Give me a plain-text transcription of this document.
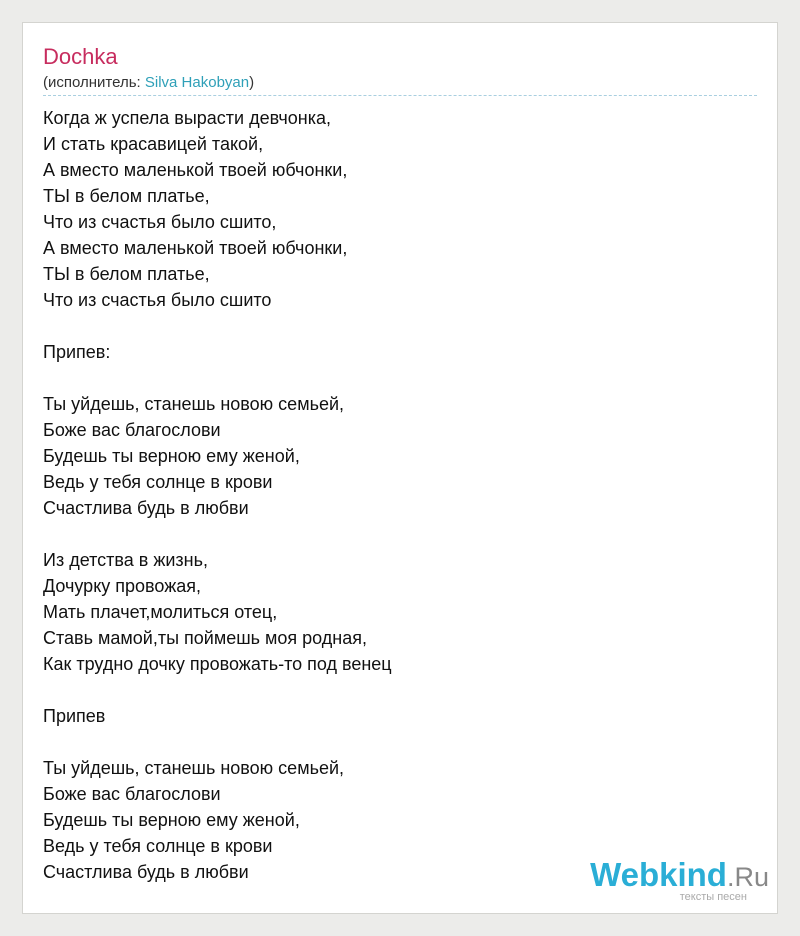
Dochka
(исполнитель: Silva Hakobyan)
Когда ж успела вырасти девчонка,
И стать красавицей такой,
А вместо маленькой твоей юбчонки,
ТЫ в белом платье,
Что из счастья было сшито,
А вместо маленькой твоей юбчонки,
ТЫ в белом платье,
Что из счастья было сшито
Припев:
Ты уйдешь, станешь новою семьей,
Боже вас благослови
Будешь ты верною ему женой,
Ведь у тебя солнце в крови
Счастлива будь в любви
Из детства в жизнь,
Дочурку провожая,
Мать плачет,молиться отец,
Ставь мамой,ты поймешь моя родная,
Как трудно дочку провожать-то под венец
Припев
Ты уйдешь, станешь новою семьей,
Боже вас благослови
Будешь ты верною ему женой,
Ведь у тебя солнце в крови
Счастлива будь в любви	Webkind.Ru
тексты песен
